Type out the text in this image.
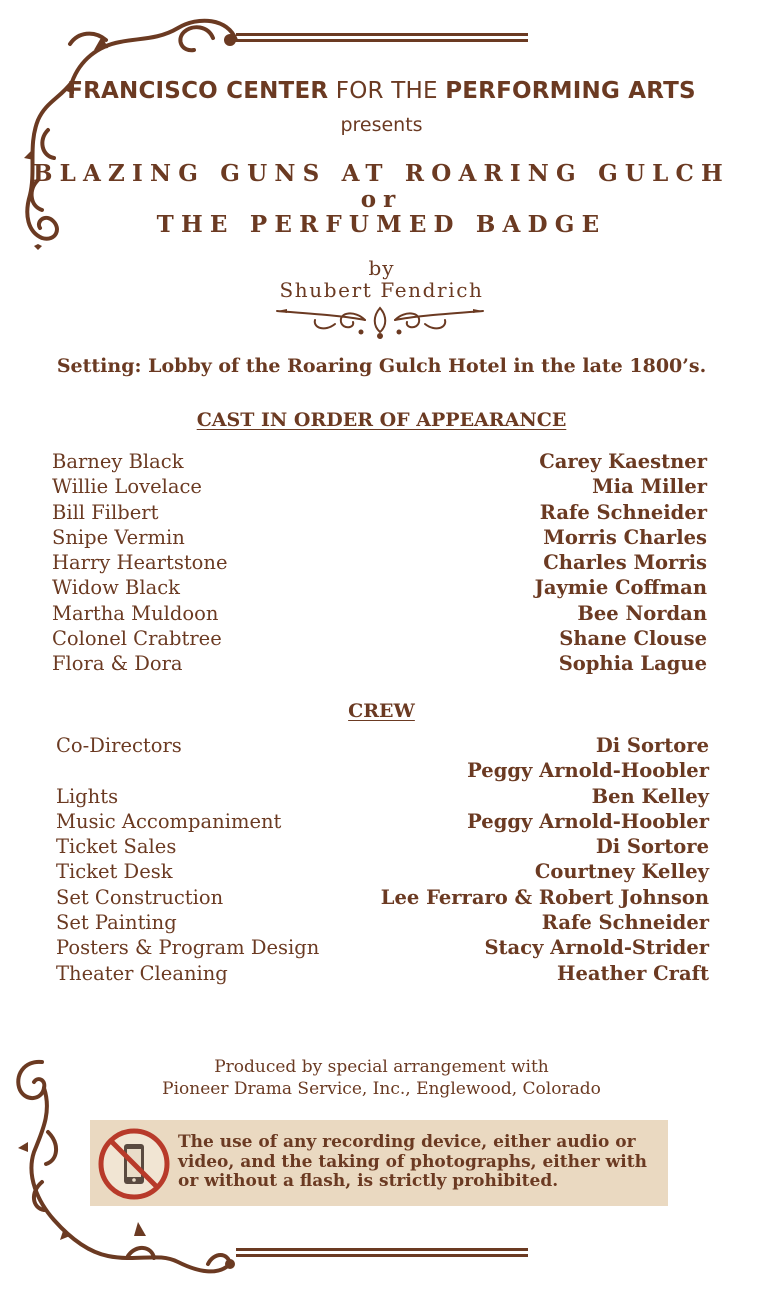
FRANCISCO CENTER FOR THE PERFORMING ARTS
presents
BLAZING GUNS AT ROARING GULCH
or
THE PERFUMED BADGE
by
Shubert Fendrich
Setting: Lobby of the Roaring Gulch Hotel in the late 1800’s.
CAST IN ORDER OF APPEARANCE
Barney Black
Willie Lovelace
Bill Filbert
Snipe Vermin
Harry Heartstone
Widow Black
Martha Muldoon
Colonel Crabtree
Flora & Dora
Carey Kaestner
Mia Miller
Rafe Schneider
Morris Charles
Charles Morris
Jaymie Coffman
Bee Nordan
Shane Clouse
Sophia Lague
CREW
Co-Directors
Lights
Music Accompaniment
Ticket Sales
Ticket Desk
Set Construction
Set Painting
Posters & Program Design
Theater Cleaning
Di Sortore
Peggy Arnold-Hoobler
Ben Kelley
Peggy Arnold-Hoobler
Di Sortore
Courtney Kelley
Lee Ferraro & Robert Johnson
Rafe Schneider
Stacy Arnold-Strider
Heather Craft
Produced by special arrangement with
Pioneer Drama Service, Inc., Englewood, Colorado
The use of any recording device, either audio or
video, and the taking of photographs, either with
or without a flash, is strictly prohibited.
